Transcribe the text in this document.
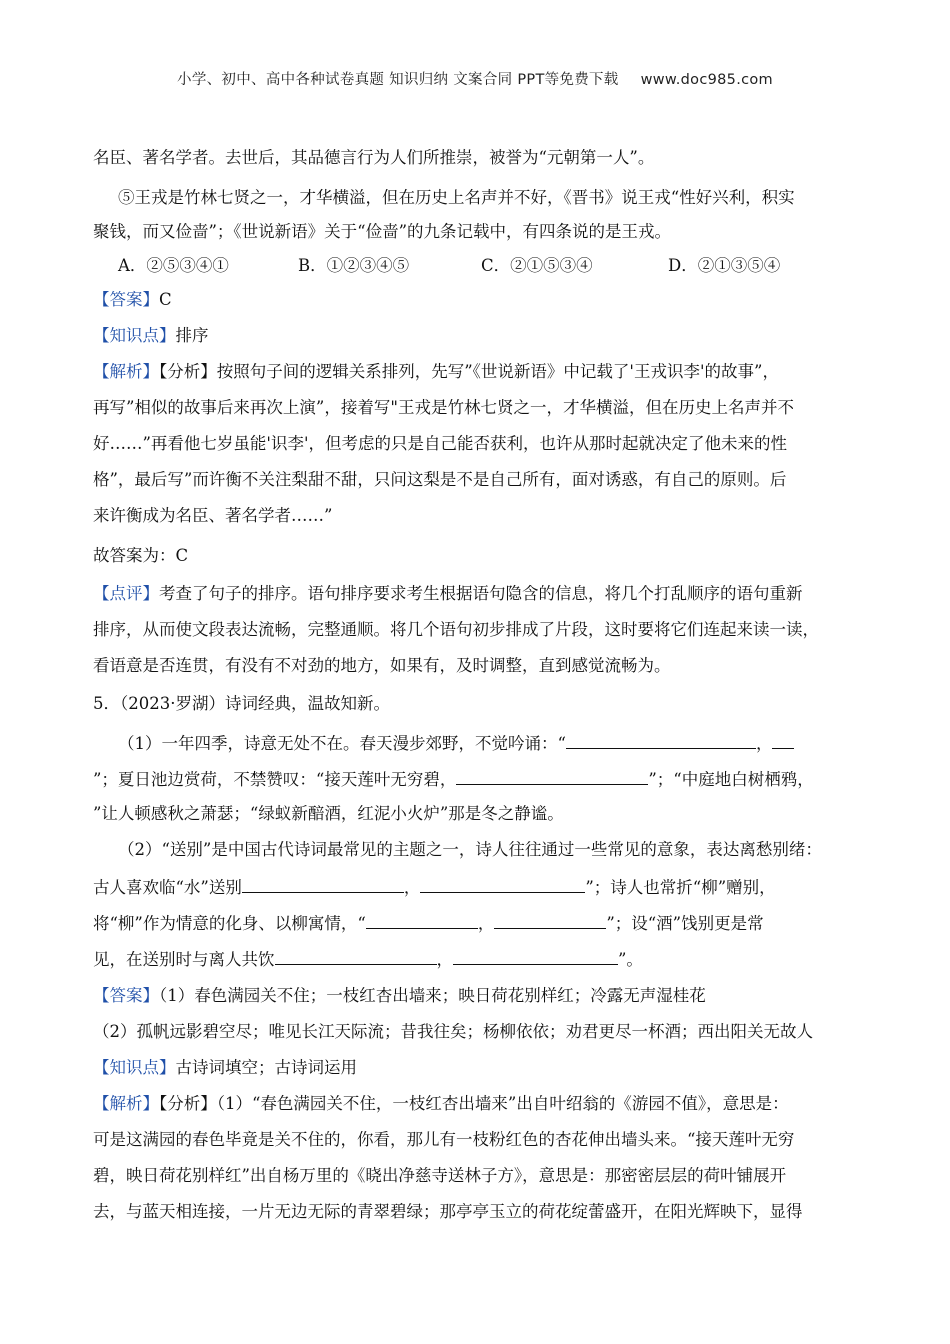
小学、初中、高中各种试卷真题 知识归纳 文案合同 PPT等免费下载 www.doc985.com
名臣、著名学者。去世后，其品德言行为人们所推崇，被誉为“元朝第一人”。
⑤王戎是竹林七贤之一，才华横溢，但在历史上名声并不好，《晋书》说王戎“性好兴利，积实
聚钱，而又俭啬”；《世说新语》关于“俭啬”的九条记载中，有四条说的是王戎。
A．②⑤③④①	B．①②③④⑤	C．②①⑤③④	D．②①③⑤④
【答案】C
【知识点】排序
【解析】【分析】按照句子间的逻辑关系排列，先写”《世说新语》中记载了'王戎识李'的故事”，
再写”相似的故事后来再次上演”，接着写"王戎是竹林七贤之一，才华横溢，但在历史上名声并不
好……”再看他七岁虽能'识李'，但考虑的只是自己能否获利，也许从那时起就决定了他未来的性
格”，最后写”而许衡不关注梨甜不甜，只问这梨是不是自己所有，面对诱惑，有自己的原则。后
来许衡成为名臣、著名学者……”
故答案为：C
【点评】考查了句子的排序。语句排序要求考生根据语句隐含的信息，将几个打乱顺序的语句重新
排序，从而使文段表达流畅，完整通顺。将几个语句初步排成了片段，这时要将它们连起来读一读，
看语意是否连贯，有没有不对劲的地方，如果有，及时调整，直到感觉流畅为。
5．（2023·罗湖）诗词经典，温故知新。
（1）一年四季，诗意无处不在。春天漫步郊野，不觉吟诵：“	，
”；夏日池边赏荷，不禁赞叹：“接天莲叶无穷碧，	”；“中庭地白树栖鸦，
”让人顿感秋之萧瑟；“绿蚁新醅酒，红泥小火炉”那是冬之静谧。
（2）“送别”是中国古代诗词最常见的主题之一，诗人往往通过一些常见的意象，表达离愁别绪：
古人喜欢临“水”送别	，	”；诗人也常折“柳”赠别，
将“柳”作为情意的化身、以柳寓情，“	，	”；设“酒”饯别更是常
见，在送别时与离人共饮	，	”。
【答案】（1）春色满园关不住；一枝红杏出墙来；映日荷花别样红；冷露无声湿桂花
（2）孤帆远影碧空尽；唯见长江天际流；昔我往矣；杨柳依依；劝君更尽一杯酒；西出阳关无故人
【知识点】古诗词填空；古诗词运用
【解析】【分析】（1）“春色满园关不住，一枝红杏出墙来”出自叶绍翁的《游园不值》，意思是：
可是这满园的春色毕竟是关不住的，你看，那儿有一枝粉红色的杏花伸出墙头来。“接天莲叶无穷
碧，映日荷花别样红”出自杨万里的《晓出净慈寺送林子方》，意思是：那密密层层的荷叶铺展开
去，与蓝天相连接，一片无边无际的青翠碧绿；那亭亭玉立的荷花绽蕾盛开，在阳光辉映下，显得
